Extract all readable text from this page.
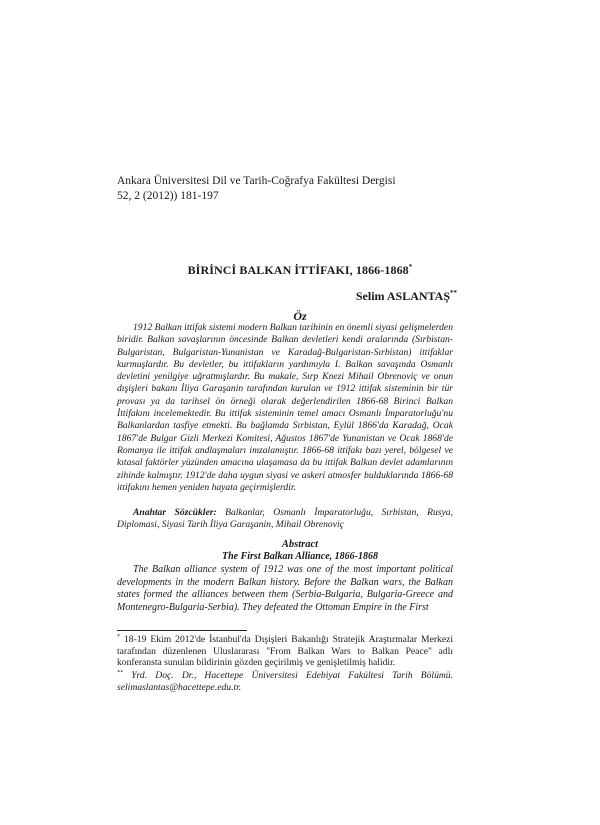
Ankara Üniversitesi Dil ve Tarih-Coğrafya Fakültesi Dergisi
52, 2 (2012)) 181-197
BİRİNCİ BALKAN İTTİFAKI, 1866-1868*
Selim ASLANTAŞ**
Öz
1912 Balkan ittifak sistemi modern Balkan tarihinin en önemli siyasi gelişmelerden biridir. Balkan savaşlarının öncesinde Balkan devletleri kendi aralarında (Sırbistan-Bulgaristan, Bulgaristan-Yunanistan ve Karadağ-Bulgaristan-Sırbistan) ittifaklar kurmuşlardır. Bu devletler, bu ittifakların yardımıyla I. Balkan savaşında Osmanlı devletini yenilgiye uğratmışlardır. Bu makale, Sırp Knezi Mihail Obrenoviç ve onun dışişleri bakanı İliya Garaşanin tarafından kurulan ve 1912 ittifak sisteminin bir tür provası ya da tarihsel ön örneği olarak değerlendirilen 1866-68 Birinci Balkan İttifakını incelemektedir. Bu ittifak sisteminin temel amacı Osmanlı İmparatorluğu'nu Balkanlardan tasfiye etmekti. Bu bağlamda Sırbistan, Eylül 1866'da Karadağ, Ocak 1867'de Bulgar Gizli Merkezi Komitesi, Ağustos 1867'de Yunanistan ve Ocak 1868'de Romanya ile ittifak andlaşmaları imzalamıştır. 1866-68 ittifakı bazı yerel, bölgesel ve kıtasal faktörler yüzünden amacına ulaşamasa da bu ittifak Balkan devlet adamlarının zihinde kalmıştır. 1912'de daha uygun siyasi ve askeri atmosfer bulduklarında 1866-68 ittifakını hemen yeniden hayata geçirmişlerdir.
Anahtar Sözcükler: Balkanlar, Osmanlı İmparatorluğu, Sırbistan, Rusya, Diplomasi, Siyasi Tarih İliya Garaşanin, Mihail Obrenoviç
Abstract
The First Balkan Alliance, 1866-1868
The Balkan alliance system of 1912 was one of the most important political developments in the modern Balkan history. Before the Balkan wars, the Balkan states formed the alliances between them (Serbia-Bulgaria, Bulgaria-Greece and Montenegro-Bulgaria-Serbia). They defeated the Ottoman Empire in the First
* 18-19 Ekim 2012'de İstanbul'da Dışişleri Bakanlığı Stratejik Araştırmalar Merkezi tarafından düzenlenen Uluslararası "From Balkan Wars to Balkan Peace" adlı konferansta sunulan bildirinin gözden geçirilmiş ve genişletilmiş halidir.
** Yrd. Doç. Dr., Hacettepe Üniversitesi Edebiyat Fakültesi Tarih Bölümü. selimaslantas@hacettepe.edu.tr.
